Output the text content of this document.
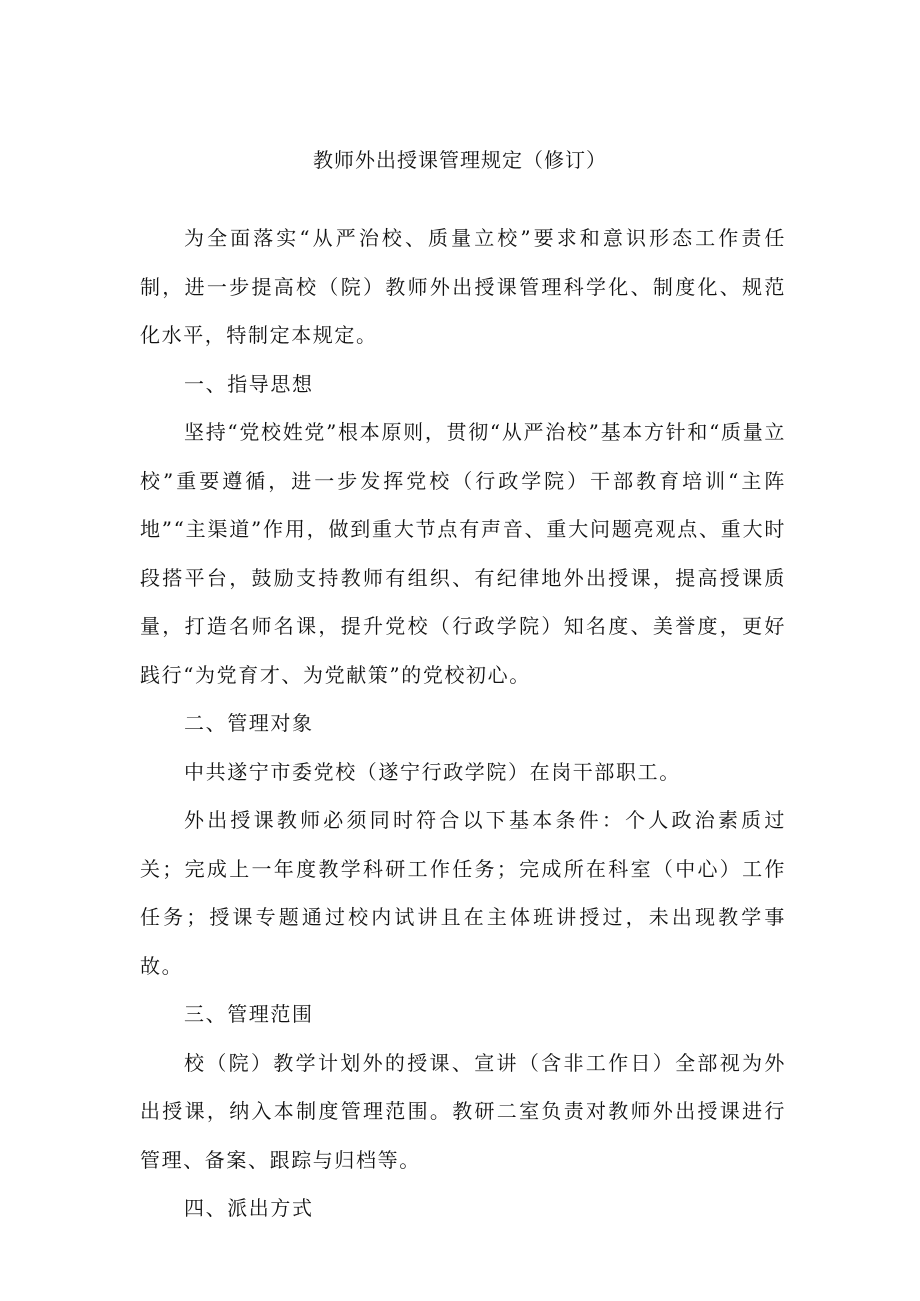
教师外出授课管理规定（修订）

为全面落实“从严治校、质量立校”要求和意识形态工作责任制，进一步提高校（院）教师外出授课管理科学化、制度化、规范化水平，特制定本规定。

一、指导思想

坚持“党校姓党”根本原则，贯彻“从严治校”基本方针和“质量立校”重要遵循，进一步发挥党校（行政学院）干部教育培训“主阵地”“主渠道”作用，做到重大节点有声音、重大问题亮观点、重大时段搭平台，鼓励支持教师有组织、有纪律地外出授课，提高授课质量，打造名师名课，提升党校（行政学院）知名度、美誉度，更好践行“为党育才、为党献策”的党校初心。

二、管理对象

中共遂宁市委党校（遂宁行政学院）在岗干部职工。

外出授课教师必须同时符合以下基本条件：个人政治素质过关；完成上一年度教学科研工作任务；完成所在科室（中心）工作任务；授课专题通过校内试讲且在主体班讲授过，未出现教学事故。

三、管理范围

校（院）教学计划外的授课、宣讲（含非工作日）全部视为外出授课，纳入本制度管理范围。教研二室负责对教师外出授课进行管理、备案、跟踪与归档等。

四、派出方式
